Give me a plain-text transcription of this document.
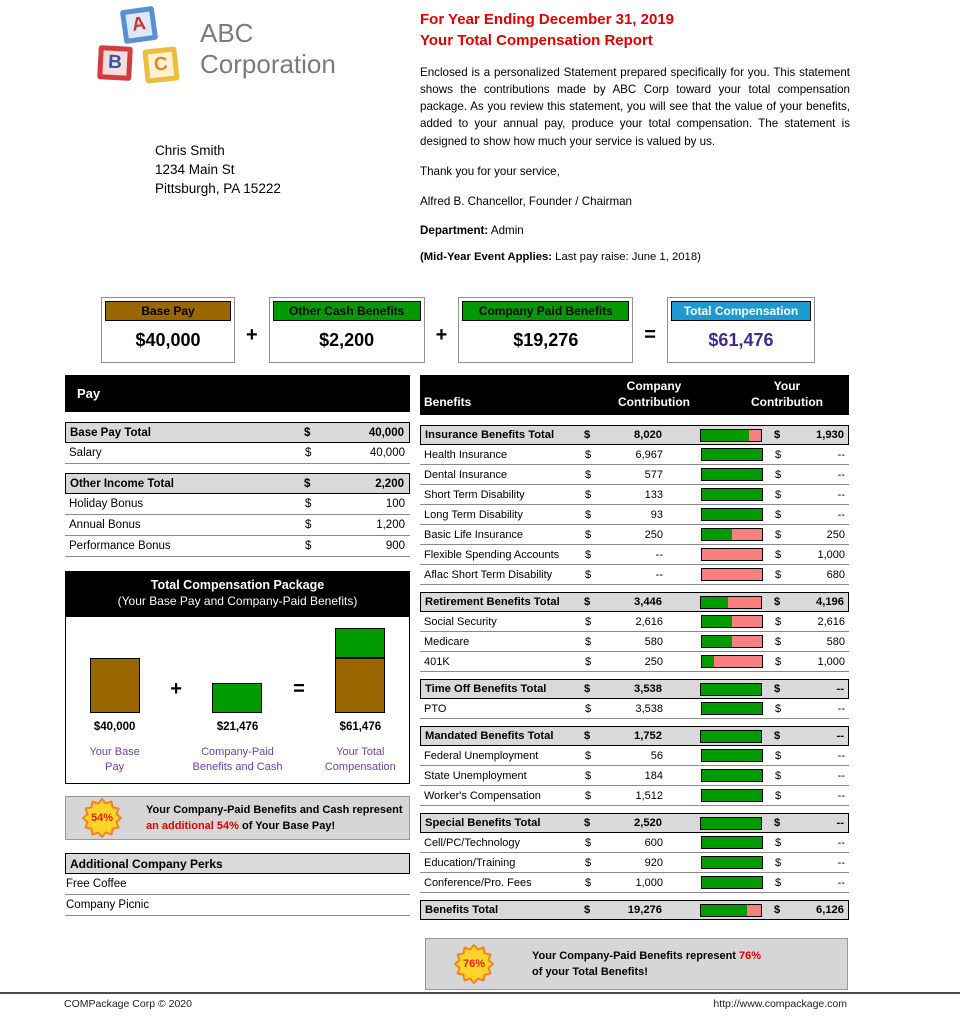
A
B	C
ABC
Corporation
Chris Smith
1234 Main St
Pittsburgh, PA 15222
For Year Ending December 31, 2019
Your Total Compensation Report
Enclosed is a personalized Statement prepared specifically for you. This statement shows the contributions made by ABC Corp toward your total compensation package. As you review this statement, you will see that the value of your benefits, added to your annual pay, produce your total compensation. The statement is designed to show how much your service is valued by us.
Thank you for your service,
Alfred B. Chancellor, Founder / Chairman
Department: Admin
(Mid-Year Event Applies: Last pay raise: June 1, 2018)
Base Pay
$40,000	+
Other Cash Benefits
$2,200	+
Company Paid Benefits
$19,276	=
Total Compensation
$61,476
Pay
Base Pay Total	$	40,000
Salary	$	40,000
Other Income Total	$	2,200
Holiday Bonus	$	100
Annual Bonus	$	1,200
Performance Bonus	$	900
Total Compensation Package
(Your Base Pay and Company-Paid Benefits)
$40,000
Your Base
Pay
+
$21,476
Company-Paid
Benefits and Cash
=
$61,476
Your Total
Compensation
54%
Your Company-Paid Benefits and Cash represent
an additional 54% of Your Base Pay!
Additional Company Perks
Free Coffee
Company Picnic
Benefits
Company
Contribution
Your
Contribution
Insurance Benefits Total	$	8,020	$	1,930
Health Insurance	$	6,967	$	--
Dental Insurance	$	577	$	--
Short Term Disability	$	133	$	--
Long Term Disability	$	93	$	--
Basic Life Insurance	$	250	$	250
Flexible Spending Accounts	$	--	$	1,000
Aflac Short Term Disability	$	--	$	680
Retirement Benefits Total	$	3,446	$	4,196
Social Security	$	2,616	$	2,616
Medicare	$	580	$	580
401K	$	250	$	1,000
Time Off Benefits Total	$	3,538	$	--
PTO	$	3,538	$	--
Mandated Benefits Total	$	1,752	$	--
Federal Unemployment	$	56	$	--
State Unemployment	$	184	$	--
Worker's Compensation	$	1,512	$	--
Special Benefits Total	$	2,520	$	--
Cell/PC/Technology	$	600	$	--
Education/Training	$	920	$	--
Conference/Pro. Fees	$	1,000	$	--
Benefits Total	$	19,276	$	6,126
76%
Your Company-Paid Benefits represent 76%
of your Total Benefits!
COMPackage Corp © 2020	http://www.compackage.com
